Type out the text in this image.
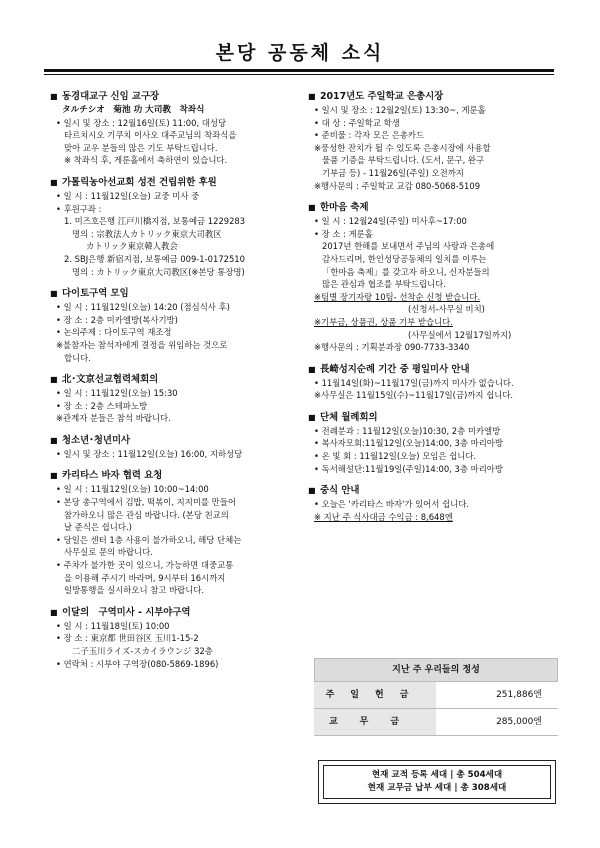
본당 공동체 소식
■ 동경대교구 신임 교구장
タルチシオ　菊池 功 大司教　착좌식
• 일시 및 장소 : 12월16일(토) 11:00, 대성당
타르치시오 기쿠치 이사오 대주교님의 착좌식을
맞아 교우 분들의 많은 기도 부탁드립니다.
※ 착좌식 후, 게룬홀에서 축하연이 있습니다.
■ 가톨릭농아선교회 성전 건립위한 후원
• 일 시 : 11월12일(오늘) 교중 미사 중
• 후원구좌 :
1. 미즈호은행 江戸川橋지점, 보통예금 1229283
명의 : 宗教法人カトリック東京大司教区
カトリック東京韓人教会
2. SBJ은행 新宿지점, 보통예금 009-1-0172510
명의 : カトリック東京大司教区(※본당 통장명)
■ 다이토구역 모임
• 일 시 : 11월12일(오늘) 14:20 (점심식사 후)
• 장 소 : 2층 미카엘방(복사기방)
• 논의주제 : 다이토구역 재조정
※불참자는 참석자에게 결정을 위임하는 것으로
합니다.
■ 北･文京선교협력체회의
• 일 시 : 11월12일(오늘) 15:30
• 장 소 : 2층 스테파노방
※관계자 분들은 참석 바랍니다.
■ 청소년･청년미사
• 일시 및 장소 : 11월12일(오늘) 16:00, 지하성당
■ 카리타스 바자 협력 요청
• 일 시 : 11월12일(오늘) 10:00~14:00
• 본당 총구역에서 김밥, 떡볶이, 지지미를 만들어
참가하오니 많은 관심 바랍니다. (본당 친교의
날 준식은 쉽니다.)
• 당일은 센터 1층 사용이 불가하오니, 해당 단체는
사무실로 문의 바랍니다.
• 주차가 불가한 곳이 있으니, 가능하면 대중교통
을 이용해 주시기 바라며, 9시부터 16시까지
일방통행을 실시하오니 참고 바랍니다.
■ 이달의　구역미사 - 시부야구역
• 일 시 : 11월18일(토) 10:00
• 장 소 : 東京都 世田谷区 玉川1-15-2
二子玉川ライズ-スカイラウンジ 32층
• 연락처 : 시부야 구역장(080-5869-1896)
■ 2017년도 주일학교 은총시장
• 일시 및 장소 : 12월2일(토) 13:30~, 게룬홀
• 대 상 : 주일학교 학생
• 준비물 : 각자 모은 은총카드
※풍성한 잔치가 될 수 있도록 은총시장에 사용할
물품 기증을 부탁드립니다. (도서, 문구, 완구
기부금 등) - 11월26일(주일) 오전까지
※행사문의 : 주일학교 교감 080-5068-5109
■ 한마음 축제
• 일 시 : 12월24일(주일) 미사후~17:00
• 장 소 : 게룬홀
2017년 한해를 보내면서 주님의 사랑과 은총에
감사드리며, 한인성당공동체의 일치를 이루는
「한마음 축제」를 갖고자 하오니, 신자분들의
많은 관심과 협조를 부탁드립니다.
※팀별 장기자랑 10팀- 선착순 신청 받습니다.
(신청서-사무실 비치)
※기부금, 상품권, 상품 기부 받습니다.
(사무실에서 12월17일까지)
※행사문의 : 기획분과장 090-7733-3340
■ 長崎성지순례 기간 중 평일미사 안내
• 11월14일(화)~11월17일(금)까지 미사가 없습니다.
※사무실은 11월15일(수)~11월17일(금)까지 쉽니다.
■ 단체 월례회의
• 전례분과 : 11월12일(오늘)10:30, 2층 미카엘방
• 복사자모회:11월12일(오늘)14:00, 3층 마리아방
• 온 빛 회 : 11월12일(오늘) 모임은 쉽니다.
• 독서해설단:11월19일(주일)14:00, 3층 마리아방
■ 중식 안내
• 오늘은 '카리타스 바자'가 있어서 쉽니다.
※ 지난 주 식사대금 수익금 : 8,648엔
지난 주 우리들의 정성
주일헌금	251,886엔
교무금	285,000엔
현재 교적 등록 세대 | 총 504세대
현재 교무금 납부 세대 | 총 308세대
